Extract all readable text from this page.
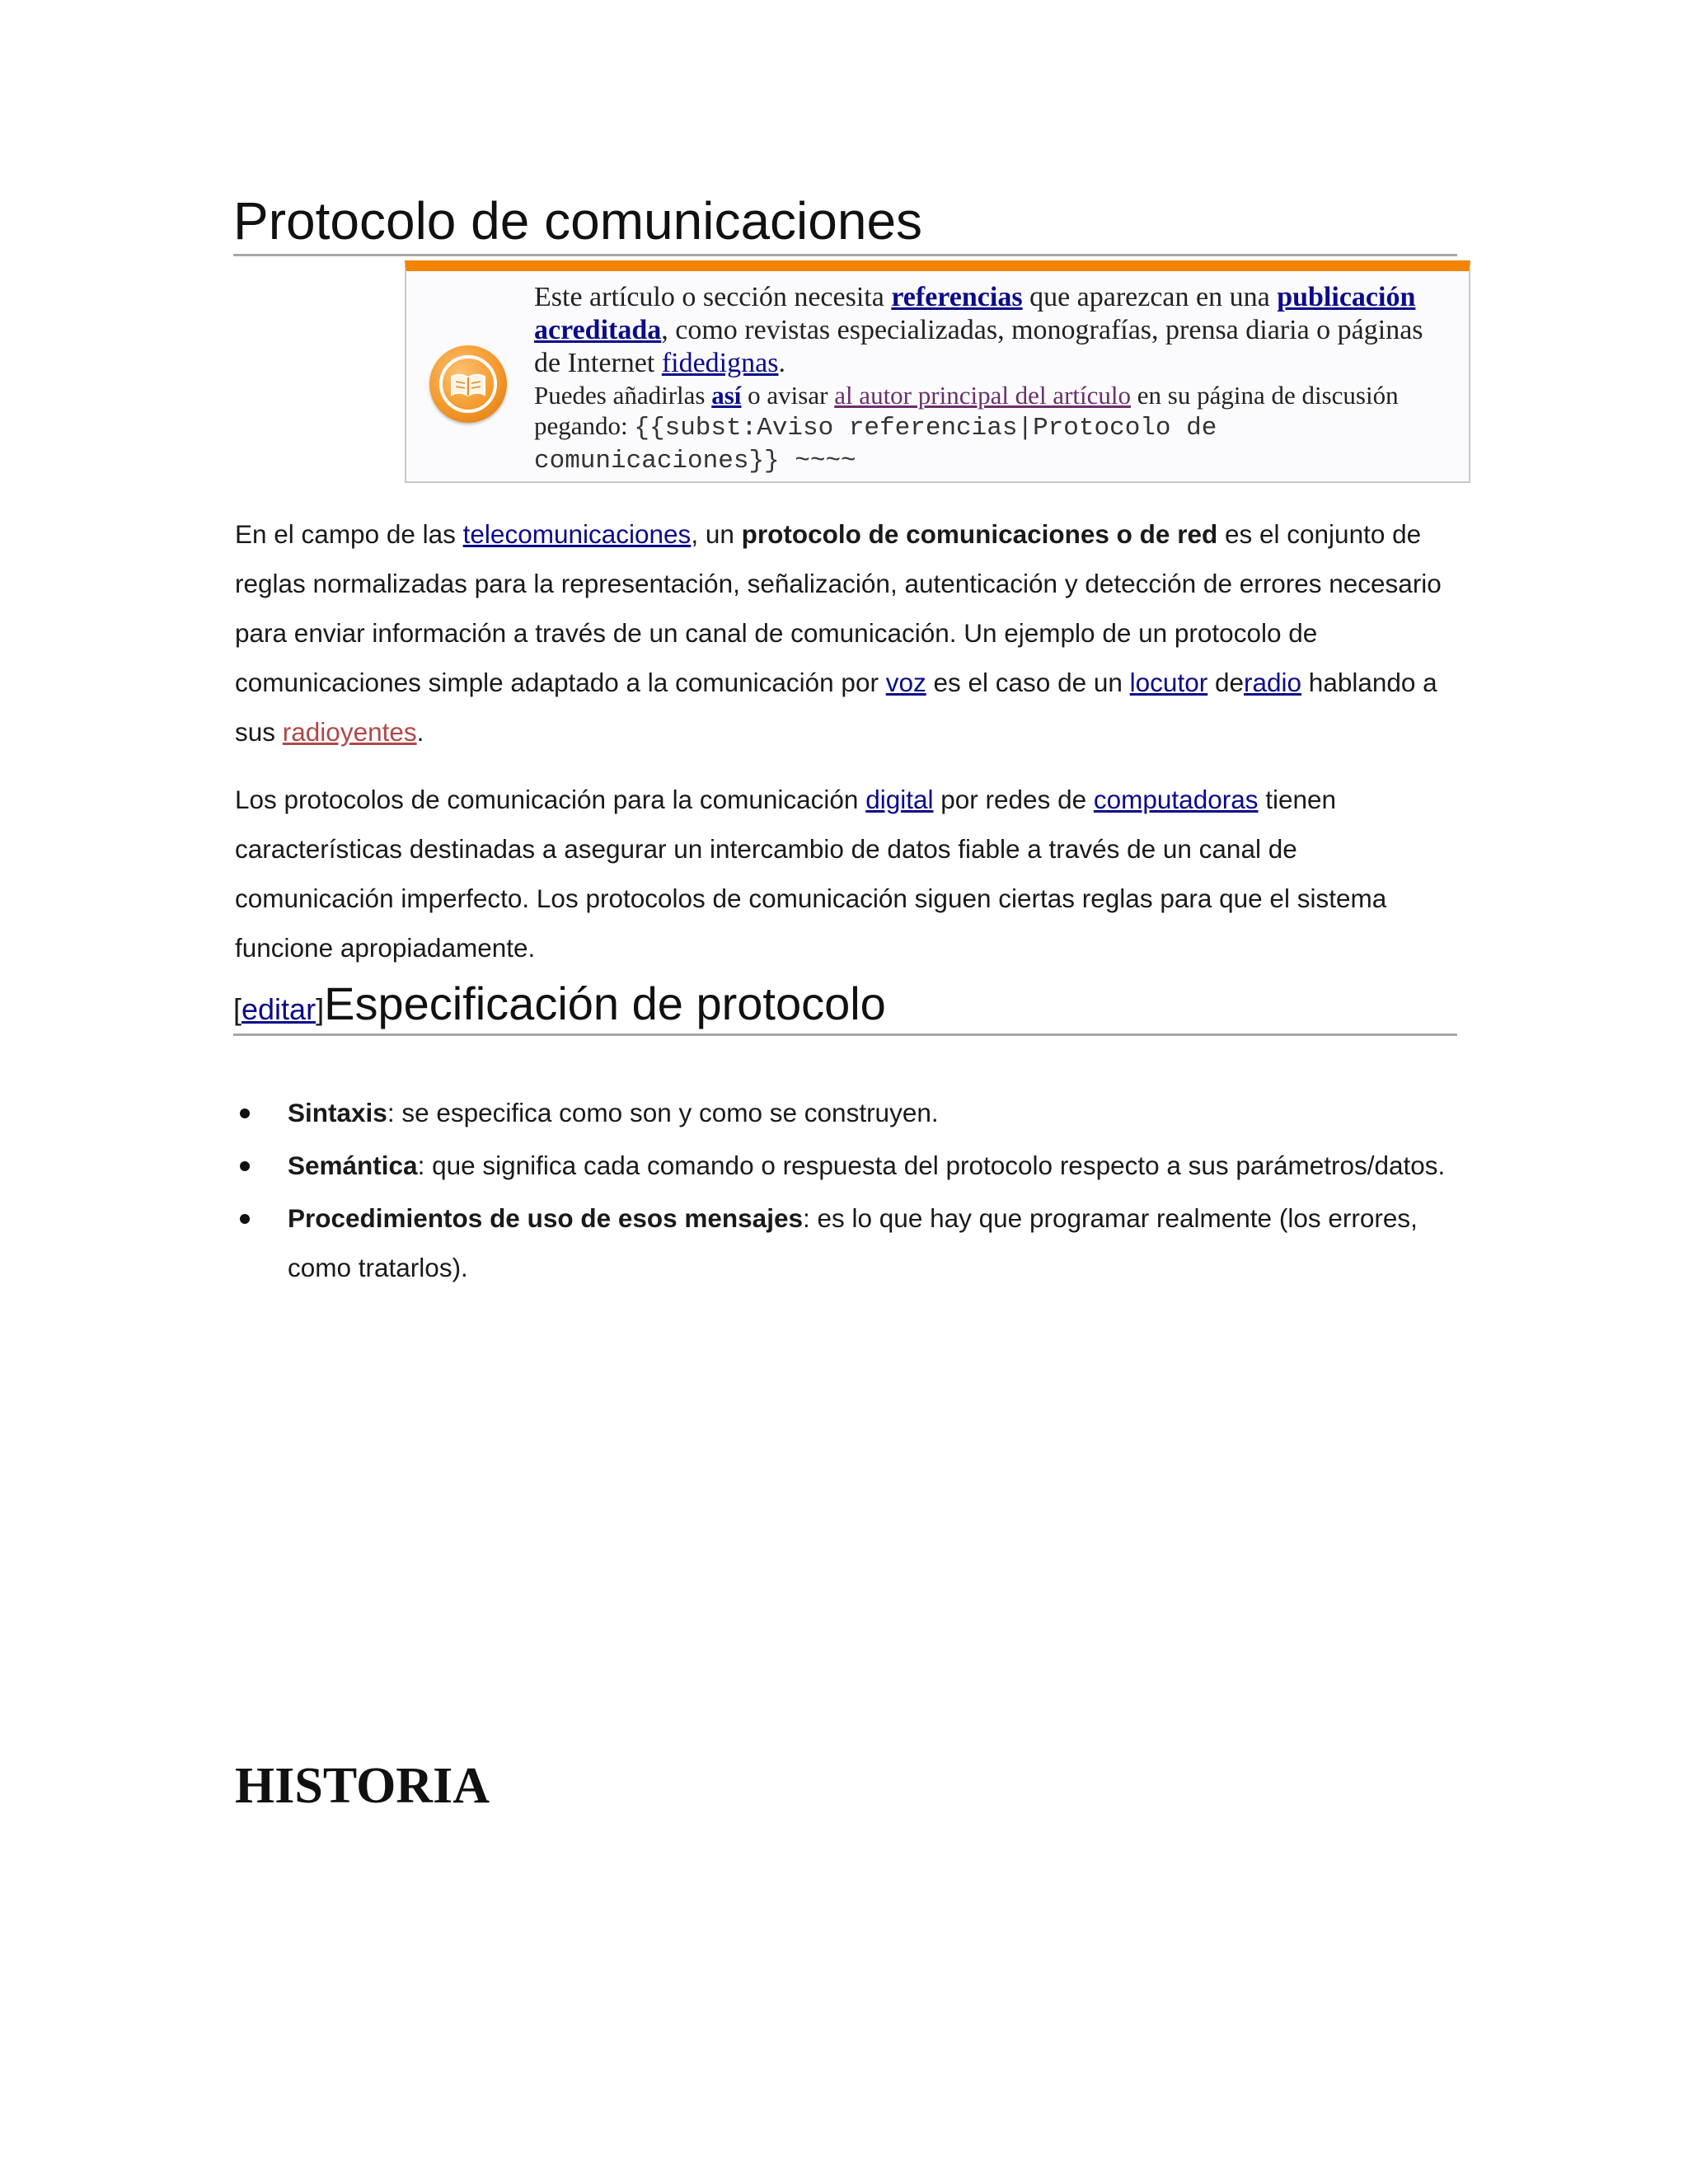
Protocolo de comunicaciones
Este artículo o sección necesita referencias que aparezcan en una publicación acreditada, como revistas especializadas, monografías, prensa diaria o páginas de Internet fidedignas.
Puedes añadirlas así o avisar al autor principal del artículo en su página de discusión pegando: {{subst:Aviso referencias|Protocolo de comunicaciones}} ~~~~

En el campo de las telecomunicaciones, un protocolo de comunicaciones o de red es el conjunto de reglas normalizadas para la representación, señalización, autenticación y detección de errores necesario para enviar información a través de un canal de comunicación. Un ejemplo de un protocolo de comunicaciones simple adaptado a la comunicación por voz es el caso de un locutor deradio hablando a sus radioyentes.

Los protocolos de comunicación para la comunicación digital por redes de computadoras tienen características destinadas a asegurar un intercambio de datos fiable a través de un canal de comunicación imperfecto. Los protocolos de comunicación siguen ciertas reglas para que el sistema funcione apropiadamente.

[editar]Especificación de protocolo
Sintaxis: se especifica como son y como se construyen.
Semántica: que significa cada comando o respuesta del protocolo respecto a sus parámetros/datos.
Procedimientos de uso de esos mensajes: es lo que hay que programar realmente (los errores, como tratarlos).
HISTORIA
